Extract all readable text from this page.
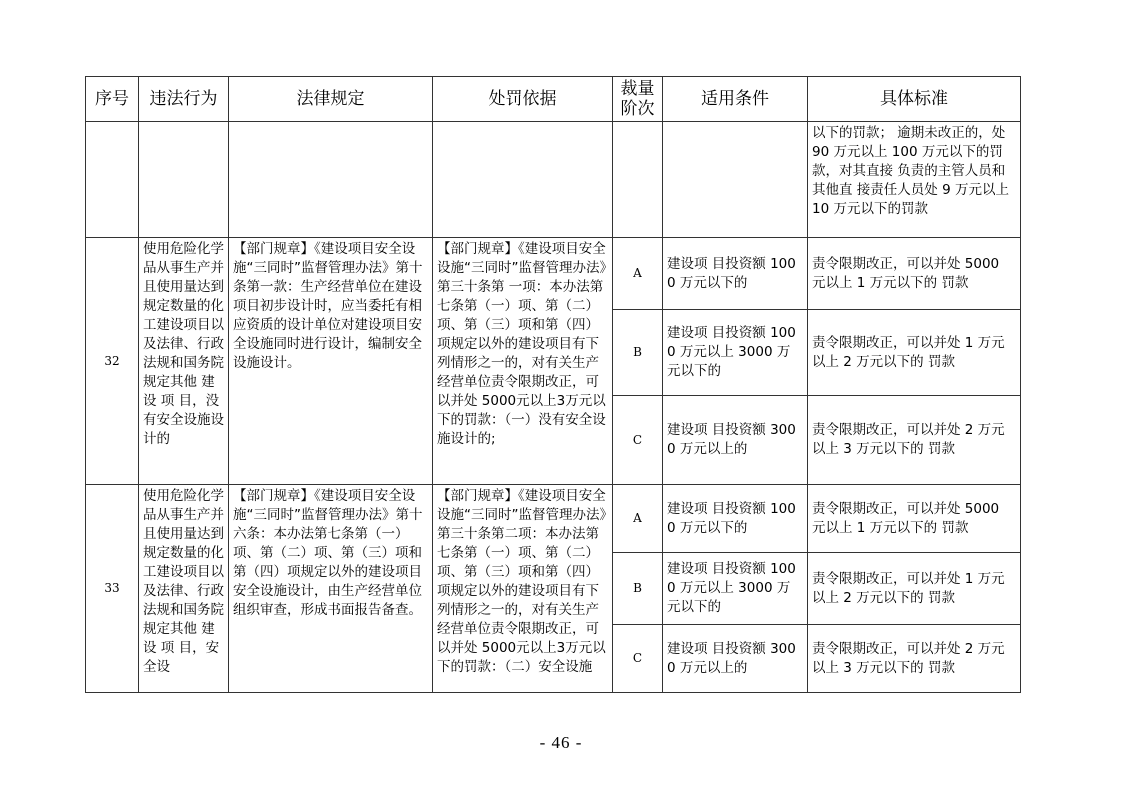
序号	违法行为	法律规定	处罚依据	裁量
阶次	适用条件	具体标准
						以下的罚款； 逾期未改正的，处 90 万元以上 100 万元以下的罚款，对其直接 负责的主管人员和其他直 接责任人员处 9 万元以上 10 万元以下的罚款
32	使用危险化学品从事生产并且使用量达到规定数量的化工建设项目以及法律、行政法规和国务院规定其他 建 设 项 目，没有安全设施设计的	【部门规章】《建设项目安全设施“三同时”监督管理办法》第十条第一款：生产经营单位在建设项目初步设计时，应当委托有相应资质的设计单位对建设项目安全设施同时进行设计，编制安全设施设计。	【部门规章】《建设项目安全设施“三同时”监督管理办法》第三十条第 一项：本办法第七条第（一）项、第（二）项、第（三）项和第（四）项规定以外的建设项目有下列情形之一的，对有关生产经营单位责令限期改正，可以并处 5000元以上3万元以下的罚款：（一）没有安全设施设计的;	A	建设项 目投资额 1000 万元以下的	责令限期改正，可以并处 5000 元以上 1 万元以下的 罚款
				B	建设项 目投资额 1000 万元以上 3000 万元以下的	责令限期改正，可以并处 1 万元以上 2 万元以下的 罚款
				C	建设项 目投资额 3000 万元以上的	责令限期改正，可以并处 2 万元以上 3 万元以下的 罚款
33	使用危险化学品从事生产并且使用量达到规定数量的化工建设项目以及法律、行政法规和国务院规定其他 建 设 项 目，安全设	【部门规章】《建设项目安全设施“三同时”监督管理办法》第十六条：本办法第七条第（一）项、第（二）项、第（三）项和第（四）项规定以外的建设项目安全设施设计，由生产经营单位组织审查，形成书面报告备查。	【部门规章】《建设项目安全设施“三同时”监督管理办法》第三十条第二项：本办法第七条第（一）项、第（二）项、第（三）项和第（四）项规定以外的建设项目有下列情形之一的，对有关生产经营单位责令限期改正，可以并处 5000元以上3万元以下的罚款：（二）安全设施	A	建设项 目投资额 1000 万元以下的	责令限期改正，可以并处 5000 元以上 1 万元以下的 罚款
				B	建设项 目投资额 1000 万元以上 3000 万元以下的	责令限期改正，可以并处 1 万元以上 2 万元以下的 罚款
				C	建设项 目投资额 3000 万元以上的	责令限期改正，可以并处 2 万元以上 3 万元以下的 罚款
- 46 -
